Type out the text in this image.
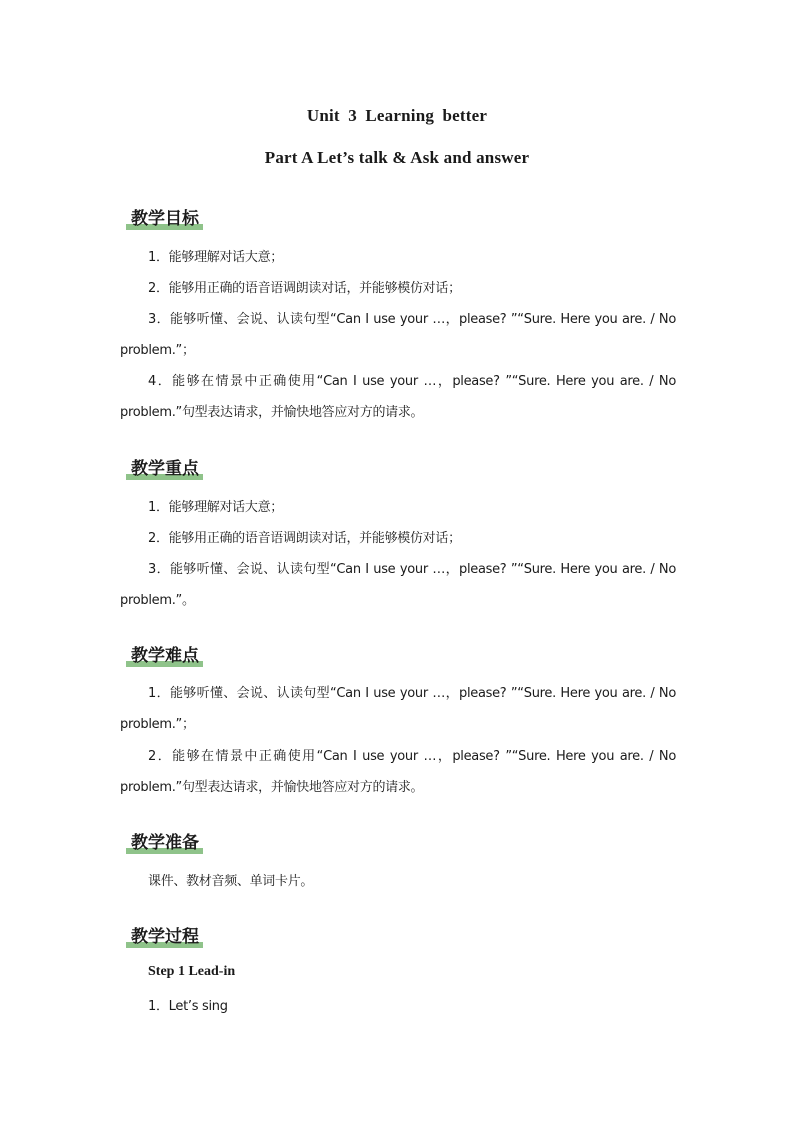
Unit 3 Learning better
Part A Let’s talk & Ask and answer
教学目标
1．能够理解对话大意；
2．能够用正确的语音语调朗读对话，并能够模仿对话；
3．能够听懂、会说、认读句型“Can I use your …，please? ”“Sure. Here you are. / No problem.”；
4．能够在情景中正确使用“Can I use your …，please? ”“Sure. Here you are. / No problem.”句型表达请求，并愉快地答应对方的请求。
教学重点
1．能够理解对话大意；
2．能够用正确的语音语调朗读对话，并能够模仿对话；
3．能够听懂、会说、认读句型“Can I use your …，please? ”“Sure. Here you are. / No problem.”。
教学难点
1．能够听懂、会说、认读句型“Can I use your …，please? ”“Sure. Here you are. / No problem.”；
2．能够在情景中正确使用“Can I use your …，please? ”“Sure. Here you are. / No problem.”句型表达请求，并愉快地答应对方的请求。
教学准备
课件、教材音频、单词卡片。
教学过程
Step 1 Lead-in
1．Let’s sing
